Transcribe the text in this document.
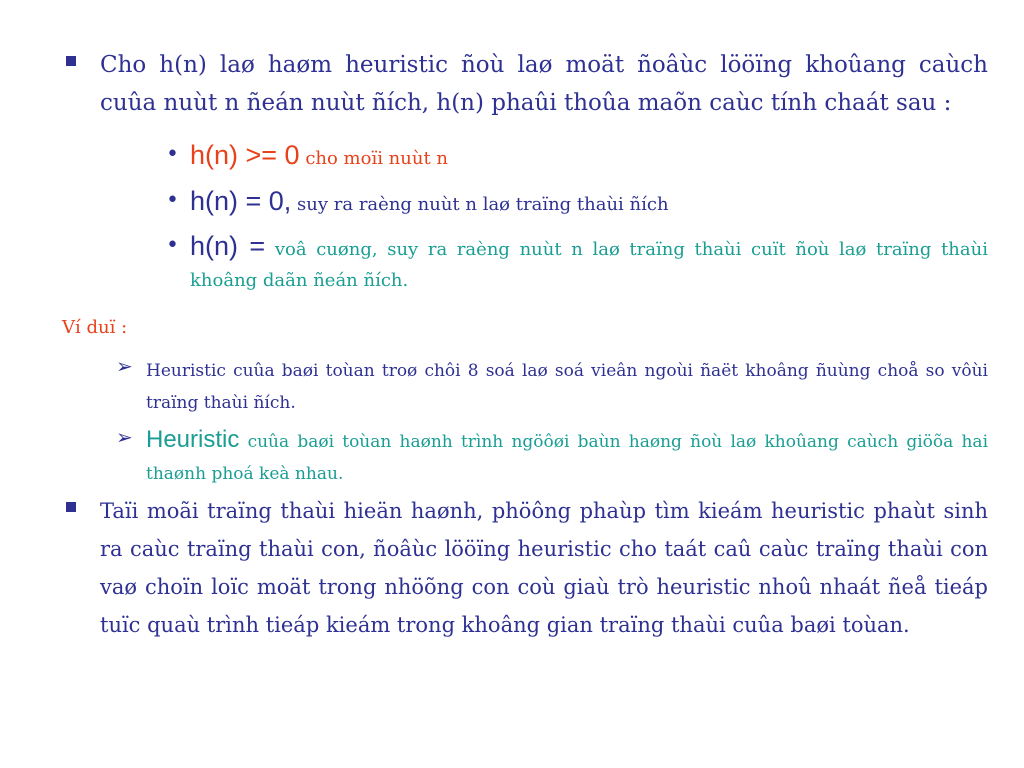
Cho h(n) laø haøm heuristic ñoù laø moät ñoâùc lööïng khoûang caùch cuûa nuùt n ñeán nuùt ñích, h(n) phaûi thoûa maõn caùc tính chaát sau :
• h(n) >= 0 cho moïi nuùt n
• h(n) = 0, suy ra raèng nuùt n laø traïng thaùi ñích
• h(n) = voâ cuøng, suy ra raèng nuùt n laø traïng thaùi cuït ñoù laø traïng thaùi khoâng daãn ñeán ñích.
Ví duï :
➢ Heuristic cuûa baøi toùan troø chôi 8 soá laø soá vieân ngoùi ñaët khoâng ñuùng choå so vôùi traïng thaùi ñích.
➢ Heuristic cuûa baøi toùan haønh trình ngöôøi baùn haøng ñoù laø khoûang caùch giöõa hai thaønh phoá keà nhau.
Taïi moãi traïng thaùi hieän haønh, phöông phaùp tìm kieám heuristic phaùt sinh ra caùc traïng thaùi con, ñoâùc lööïng heuristic cho taát caû caùc traïng thaùi con vaø choïn loïc moät trong nhöõng con coù giaù trò heuristic nhoû nhaát ñeå tieáp tuïc quaù trình tieáp kieám trong khoâng gian traïng thaùi cuûa baøi toùan.
